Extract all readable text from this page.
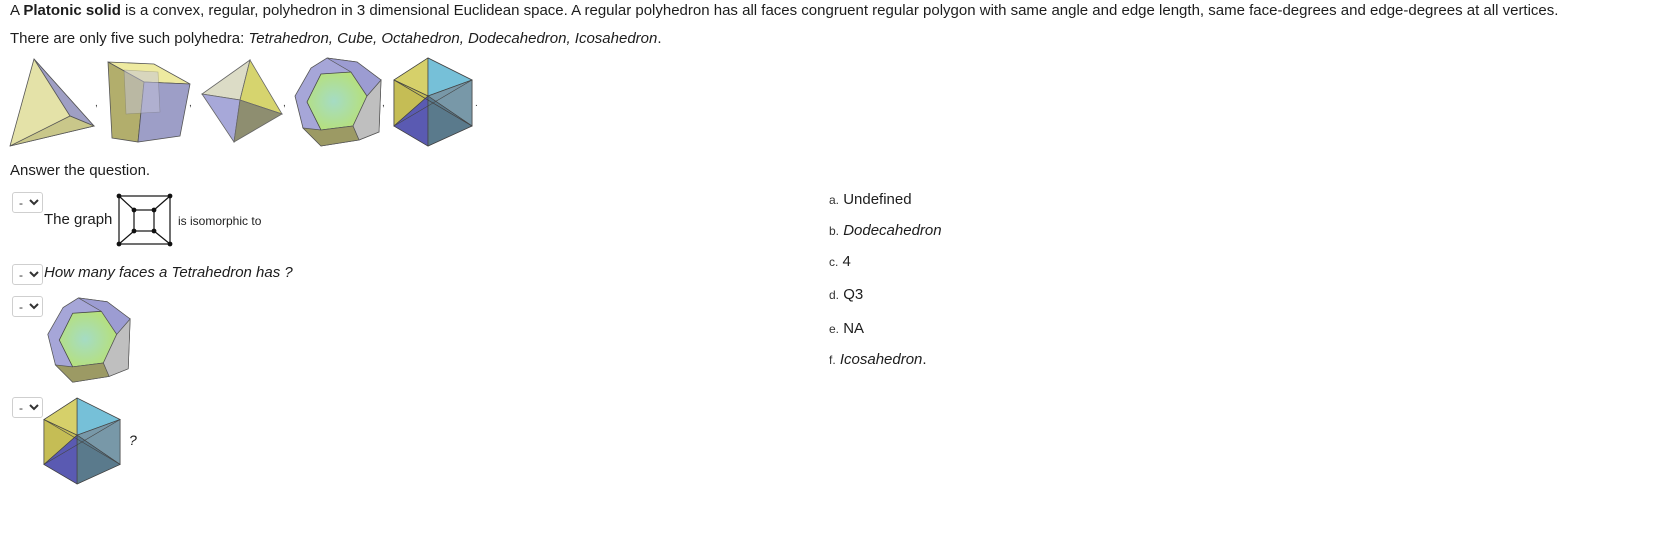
A Platonic solid is a convex, regular, polyhedron in 3 dimensional Euclidean space. A regular polyhedron has all faces congruent regular polygon with same angle and edge length, same face-degrees and edge-degrees at all vertices.
There are only five such polyhedra: Tetrahedron, Cube, Octahedron, Dodecahedron, Icosahedron.
,	,	,	,	.
Answer the question.
-
The graph	is isomorphic to
-
How many faces a Tetrahedron has ?
-
-
?
a. Undefined
b. Dodecahedron
c. 4
d. Q3
e. NA
f. Icosahedron.
